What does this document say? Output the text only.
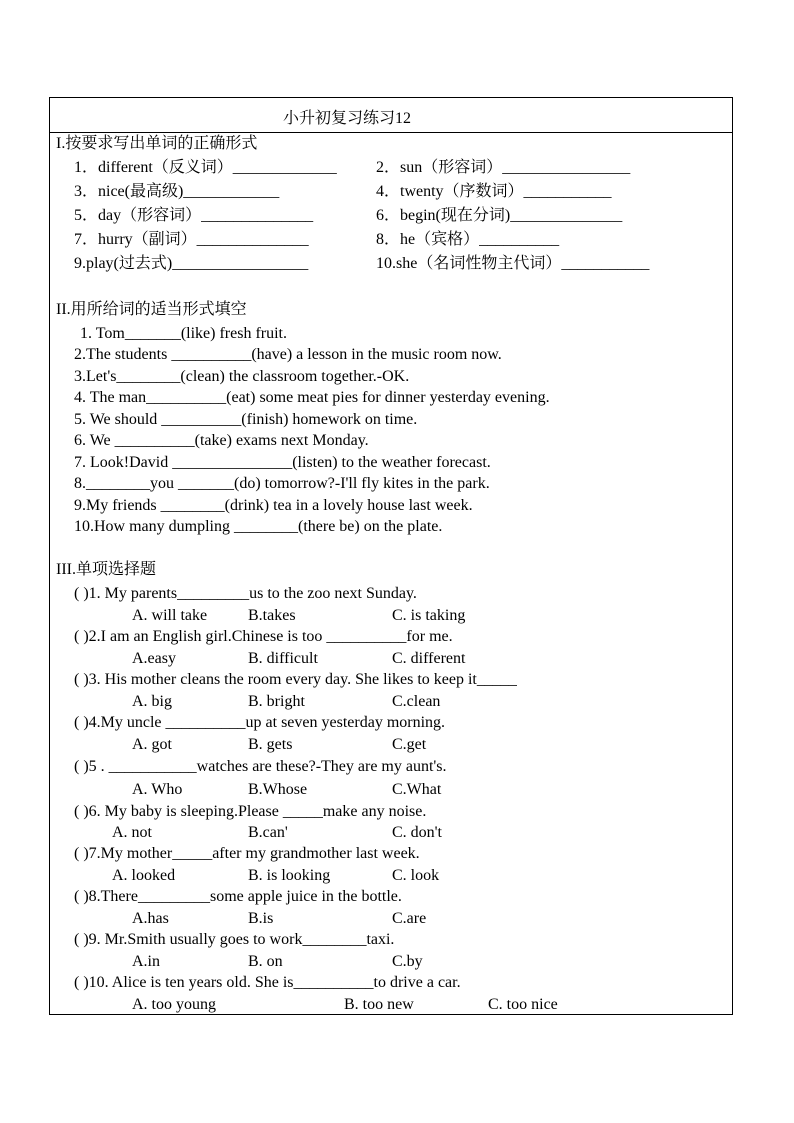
小升初复习练习12
I.按要求写出单词的正确形式
1．different（反义词）_____________ 2．sun（形容词）________________
3．nice(最高级)____________	4．twenty（序数词）___________
5．day（形容词）______________	6．begin(现在分词)______________
7．hurry（副词）______________	8．he（宾格）__________
9.play(过去式)_________________	10.she（名词性物主代词）___________
II.用所给词的适当形式填空
1. Tom_______(like) fresh fruit.
2.The students __________(have) a lesson in the music room now.
3.Let's________(clean) the classroom together.-OK.
4. The man__________(eat) some meat pies for dinner yesterday evening.
5. We should __________(finish) homework on time.
6. We __________(take) exams next Monday.
7. Look!David _______________(listen) to the weather forecast.
8.________you _______(do) tomorrow?-I'll fly kites in the park.
9.My friends ________(drink) tea in a lovely house last week.
10.How many dumpling ________(there be) on the plate.
III.单项选择题
( )1. My parents_________us to the zoo next Sunday.
A. will take	B.takes	C. is taking
( )2.I am an English girl.Chinese is too __________for me.
A.easy	B. difficult	C. different
( )3. His mother cleans the room every day. She likes to keep it_____
A. big	B. bright	C.clean
( )4.My uncle __________up at seven yesterday morning.
A. got	B. gets	C.get
( )5 . ___________watches are these?-They are my aunt's.
A. Who	B.Whose	C.What
( )6. My baby is sleeping.Please _____make any noise.
A. not	B.can'	C. don't
( )7.My mother_____after my grandmother last week.
A. looked	B. is looking	C. look
( )8.There_________some apple juice in the bottle.
A.has	B.is	C.are
( )9. Mr.Smith usually goes to work________taxi.
A.in	B. on	C.by
( )10. Alice is ten years old. She is__________to drive a car.
A. too young	B. too new	C. too nice
